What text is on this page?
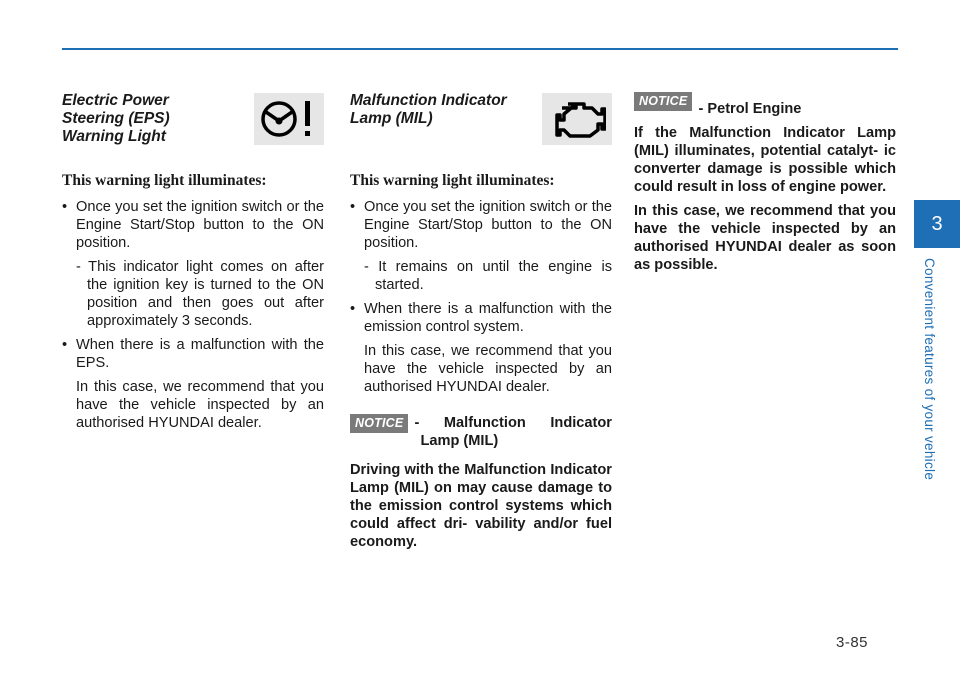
3
Convenient features of your vehicle
Electric Power
Steering (EPS)
Warning Light
This warning light illuminates:
• Once you set the ignition switch or the Engine Start/Stop button to the ON position.
- This indicator light comes on after the ignition key is turned to the ON position and then goes out after approximately 3 seconds.
• When there is a malfunction with the EPS.
In this case, we recommend that you have the vehicle inspected by an authorised HYUNDAI dealer.
Malfunction Indicator
Lamp (MIL)
This warning light illuminates:
• Once you set the ignition switch or the Engine Start/Stop button to the ON position.
- It remains on until the engine is started.
• When there is a malfunction with the emission control system.
In this case, we recommend that you have the vehicle inspected by an authorised HYUNDAI dealer.
NOTICE - Malfunction Indicator
Lamp (MIL)
Driving with the Malfunction Indicator Lamp (MIL) on may cause damage to the emission control systems which could affect dri- vability and/or fuel economy.
NOTICE - Petrol Engine
If the Malfunction Indicator Lamp (MIL) illuminates, potential catalyt- ic converter damage is possible which could result in loss of engine power.
In this case, we recommend that you have the vehicle inspected by an authorised HYUNDAI dealer as soon as possible.
3-85
